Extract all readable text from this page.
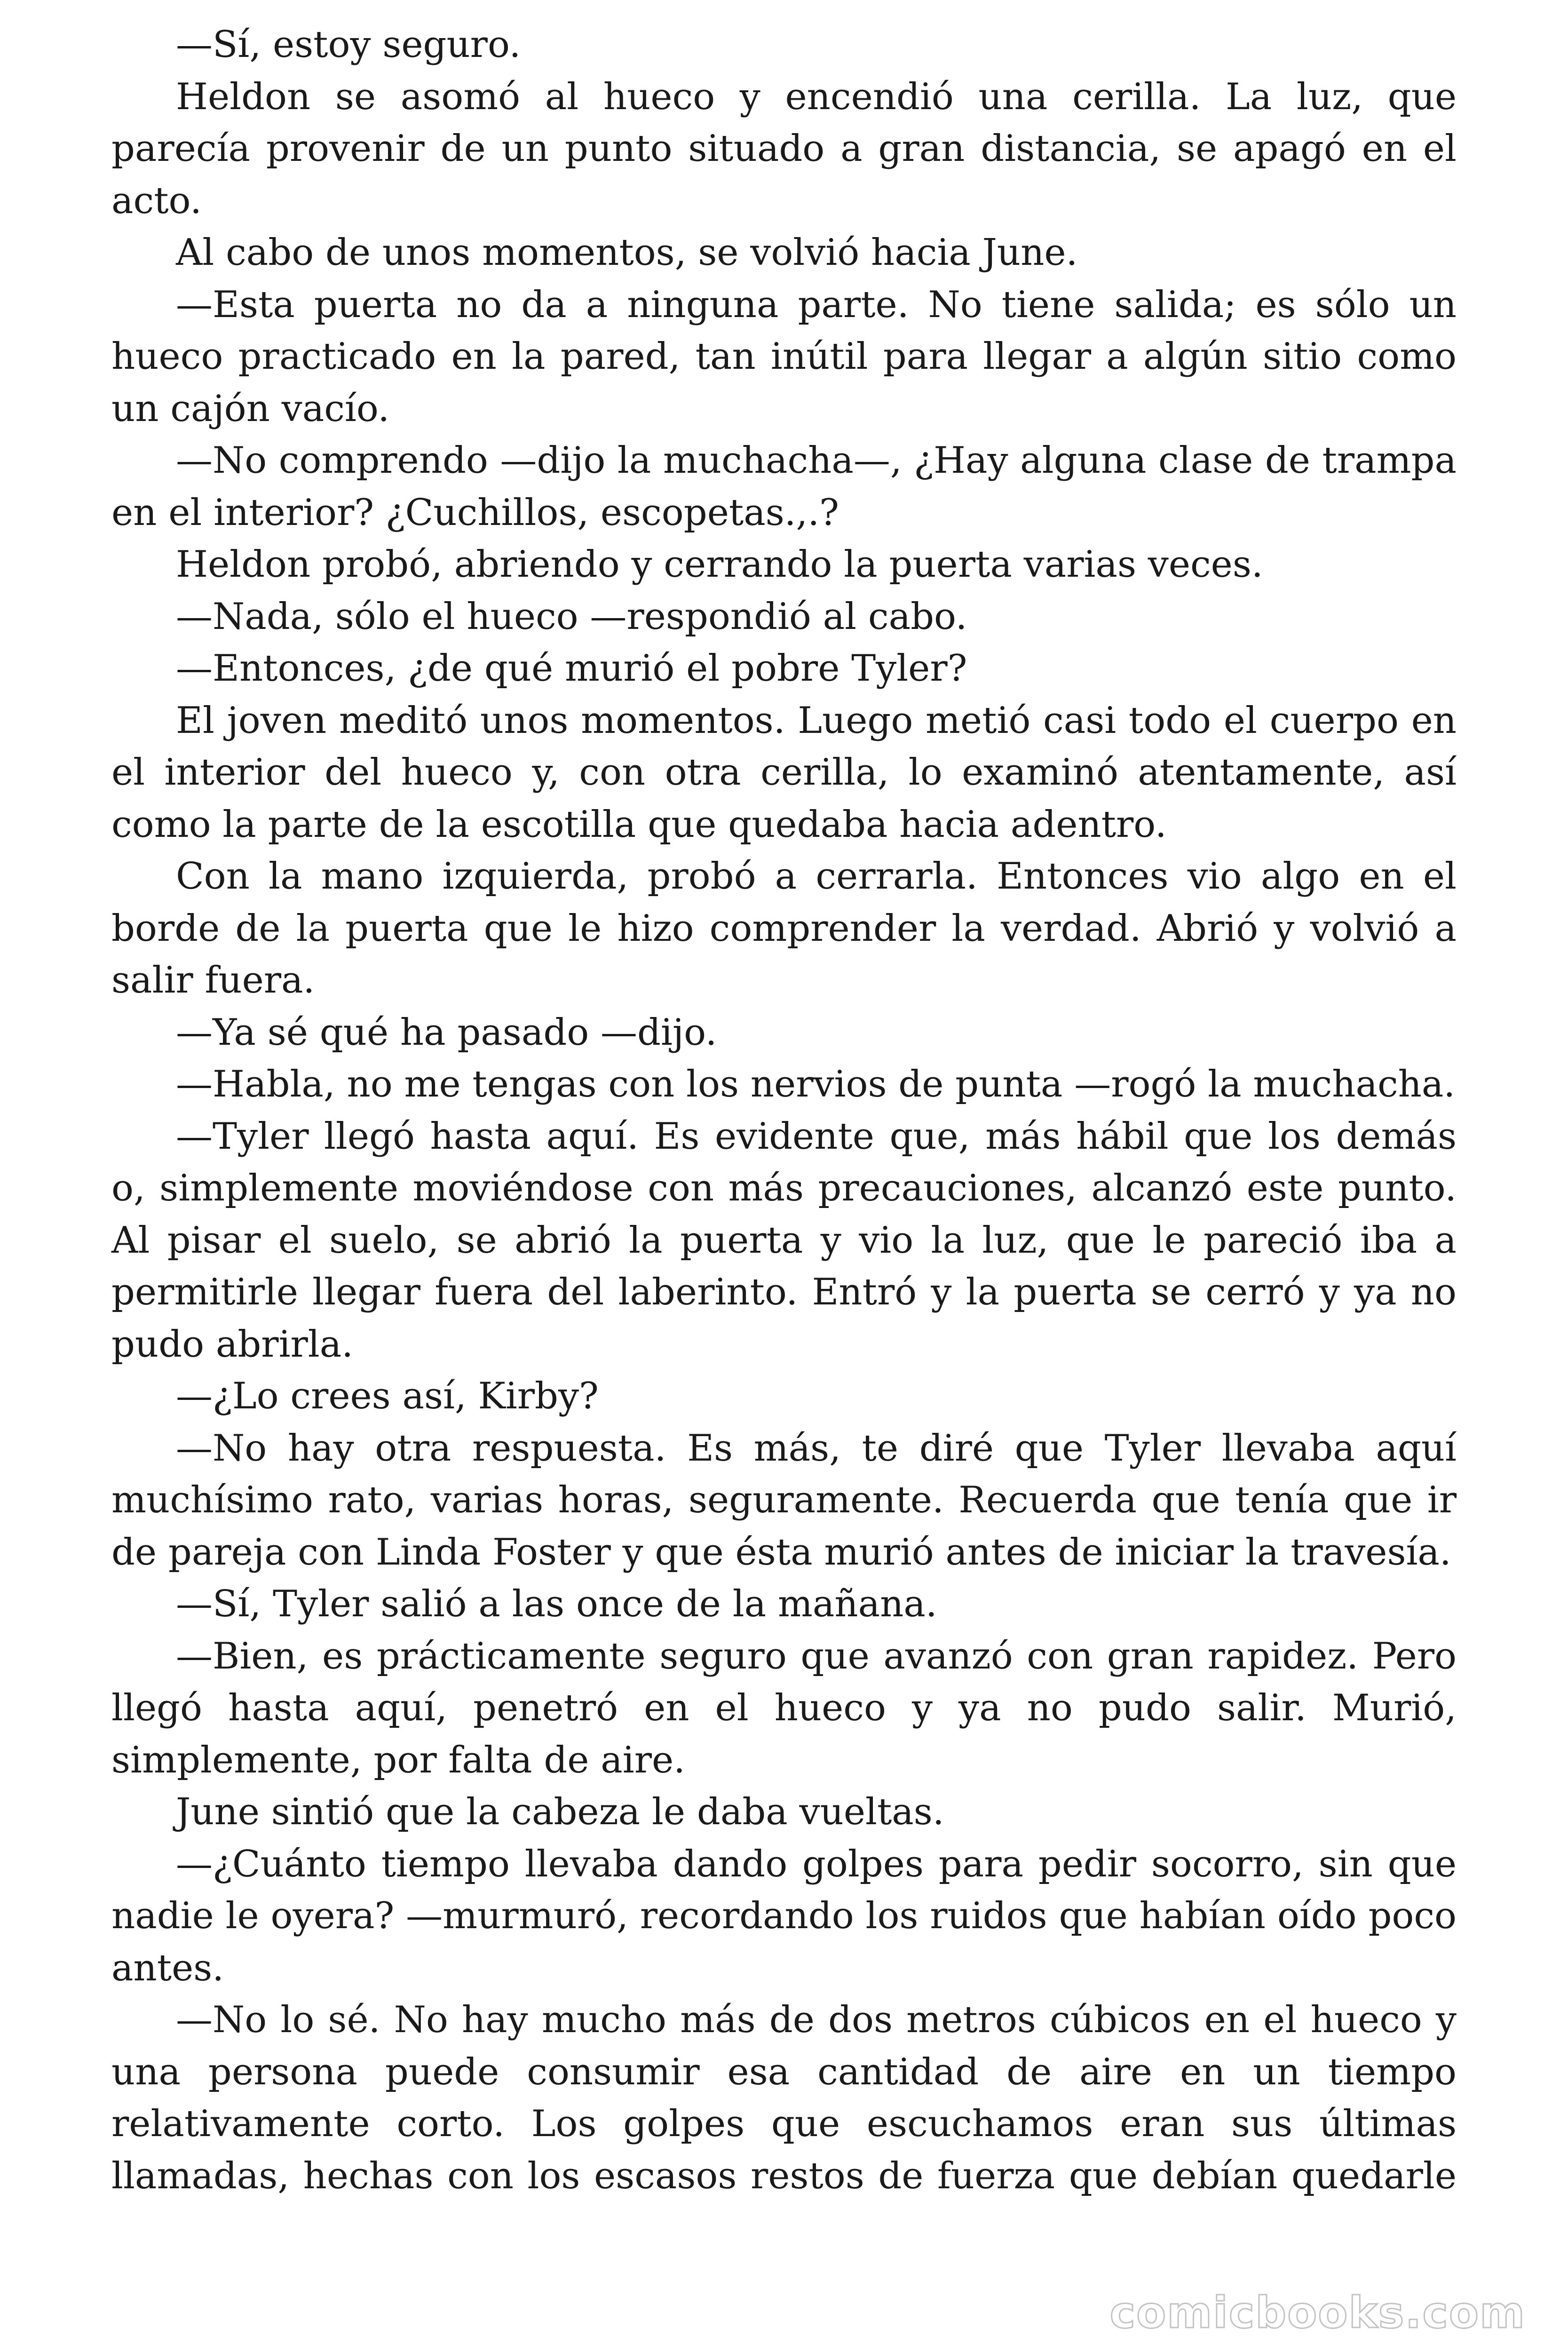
—Sí, estoy seguro.

Heldon se asomó al hueco y encendió una cerilla. La luz, que parecía provenir de un punto situado a gran distancia, se apagó en el acto.

Al cabo de unos momentos, se volvió hacia June.

—Esta puerta no da a ninguna parte. No tiene salida; es sólo un hueco practicado en la pared, tan inútil para llegar a algún sitio como un cajón vacío.

—No comprendo —dijo la muchacha—, ¿Hay alguna clase de trampa en el interior? ¿Cuchillos, escopetas.,.?

Heldon probó, abriendo y cerrando la puerta varias veces.

—Nada, sólo el hueco —respondió al cabo.

—Entonces, ¿de qué murió el pobre Tyler?

El joven meditó unos momentos. Luego metió casi todo el cuerpo en el interior del hueco y, con otra cerilla, lo examinó atentamente, así como la parte de la escotilla que quedaba hacia adentro.

Con la mano izquierda, probó a cerrarla. Entonces vio algo en el borde de la puerta que le hizo comprender la verdad. Abrió y volvió a salir fuera.

—Ya sé qué ha pasado —dijo.

—Habla, no me tengas con los nervios de punta —rogó la muchacha.

—Tyler llegó hasta aquí. Es evidente que, más hábil que los demás o, simplemente moviéndose con más precauciones, alcanzó este punto. Al pisar el suelo, se abrió la puerta y vio la luz, que le pareció iba a permitirle llegar fuera del laberinto. Entró y la puerta se cerró y ya no pudo abrirla.

—¿Lo crees así, Kirby?

—No hay otra respuesta. Es más, te diré que Tyler llevaba aquí muchísimo rato, varias horas, seguramente. Recuerda que tenía que ir de pareja con Linda Foster y que ésta murió antes de iniciar la travesía.

—Sí, Tyler salió a las once de la mañana.

—Bien, es prácticamente seguro que avanzó con gran rapidez. Pero llegó hasta aquí, penetró en el hueco y ya no pudo salir. Murió, simplemente, por falta de aire.

June sintió que la cabeza le daba vueltas.

—¿Cuánto tiempo llevaba dando golpes para pedir socorro, sin que nadie le oyera? —murmuró, recordando los ruidos que habían oído poco antes.

—No lo sé. No hay mucho más de dos metros cúbicos en el hueco y una persona puede consumir esa cantidad de aire en un tiempo relativamente corto. Los golpes que escuchamos eran sus últimas llamadas, hechas con los escasos restos de fuerza que debían quedarle

comicbooks.com
